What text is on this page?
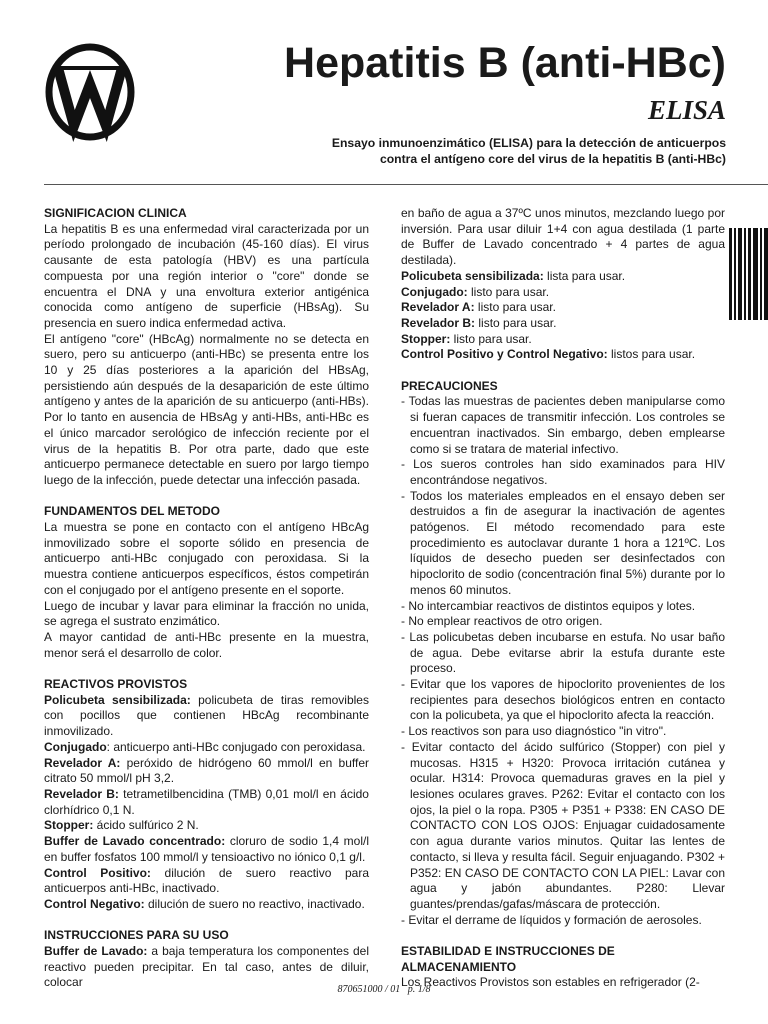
Hepatitis B (anti-HBc)
ELISA
Ensayo inmunoenzimático (ELISA) para la detección de anticuerpos
contra el antígeno core del virus de la hepatitis B (anti-HBc)

SIGNIFICACION CLINICA

La hepatitis B es una enfermedad viral caracterizada por un período prolongado de incubación (45-160 días). El virus causante de esta patología (HBV) es una partícula compuesta por una región interior o "core" donde se encuentra el DNA y una envoltura exterior antigénica conocida como antígeno de superficie (HBsAg). Su presencia en suero indica enfermedad activa.

El antígeno "core" (HBcAg) normalmente no se detecta en suero, pero su anticuerpo (anti-HBc) se presenta entre los 10 y 25 días posteriores a la aparición del HBsAg, persistiendo aún después de la desaparición de este último antígeno y antes de la aparición de su anticuerpo (anti-HBs). Por lo tanto en ausencia de HBsAg y anti-HBs, anti-HBc es el único marcador serológico de infección reciente por el virus de la hepatitis B. Por otra parte, dado que este anticuerpo permanece detectable en suero por largo tiempo luego de la infección, puede detectar una infección pasada.

FUNDAMENTOS DEL METODO

La muestra se pone en contacto con el antígeno HBcAg inmovilizado sobre el soporte sólido en presencia de anticuerpo anti-HBc conjugado con peroxidasa. Si la muestra contiene anticuerpos específicos, éstos competirán con el conjugado por el antígeno presente en el soporte.

Luego de incubar y lavar para eliminar la fracción no unida, se agrega el sustrato enzimático.

A mayor cantidad de anti-HBc presente en la muestra, menor será el desarrollo de color.

REACTIVOS PROVISTOS

Policubeta sensibilizada: policubeta de tiras removibles con pocillos que contienen HBcAg recombinante inmovilizado.

Conjugado: anticuerpo anti-HBc conjugado con peroxidasa.

Revelador A: peróxido de hidrógeno 60 mmol/l en buffer citrato 50 mmol/l pH 3,2.

Revelador B: tetrametilbencidina (TMB) 0,01 mol/l en ácido clorhídrico 0,1 N.

Stopper: ácido sulfúrico 2 N.

Buffer de Lavado concentrado: cloruro de sodio 1,4 mol/l en buffer fosfatos 100 mmol/l y tensioactivo no iónico 0,1 g/l.

Control Positivo: dilución de suero reactivo para anticuerpos anti-HBc, inactivado.

Control Negativo: dilución de suero no reactivo, inactivado.

INSTRUCCIONES PARA SU USO

Buffer de Lavado: a baja temperatura los componentes del reactivo pueden precipitar. En tal caso, antes de diluir, colocar

en baño de agua a 37ºC unos minutos, mezclando luego por inversión. Para usar diluir 1+4 con agua destilada (1 parte de Buffer de Lavado concentrado + 4 partes de agua destilada).

Policubeta sensibilizada: lista para usar.

Conjugado: listo para usar.

Revelador A: listo para usar.

Revelador B: listo para usar.

Stopper: listo para usar.

Control Positivo y Control Negativo: listos para usar.

PRECAUCIONES

- Todas las muestras de pacientes deben manipularse como si fueran capaces de transmitir infección. Los controles se encuentran inactivados. Sin embargo, deben emplearse como si se tratara de material infectivo.

- Los sueros controles han sido examinados para HIV encontrándose negativos.

- Todos los materiales empleados en el ensayo deben ser destruidos a fin de asegurar la inactivación de agentes patógenos. El método recomendado para este procedimiento es autoclavar durante 1 hora a 121ºC. Los líquidos de desecho pueden ser desinfectados con hipoclorito de sodio (concentración final 5%) durante por lo menos 60 minutos.

- No intercambiar reactivos de distintos equipos y lotes.

- No emplear reactivos de otro origen.

- Las policubetas deben incubarse en estufa. No usar baño de agua. Debe evitarse abrir la estufa durante este proceso.

- Evitar que los vapores de hipoclorito provenientes de los recipientes para desechos biológicos entren en contacto con la policubeta, ya que el hipoclorito afecta la reacción.

- Los reactivos son para uso diagnóstico "in vitro".

- Evitar contacto del ácido sulfúrico (Stopper) con piel y mucosas. H315 + H320: Provoca irritación cutánea y ocular. H314: Provoca quemaduras graves en la piel y lesiones oculares graves. P262: Evitar el contacto con los ojos, la piel o la ropa. P305 + P351 + P338: EN CASO DE CONTACTO CON LOS OJOS: Enjuagar cuidadosamente con agua durante varios minutos. Quitar las lentes de contacto, si lleva y resulta fácil. Seguir enjuagando. P302 + P352: EN CASO DE CONTACTO CON LA PIEL: Lavar con agua y jabón abundantes. P280: Llevar guantes/prendas/gafas/máscara de protección.

- Evitar el derrame de líquidos y formación de aerosoles.

ESTABILIDAD E INSTRUCCIONES DE

ALMACENAMIENTO

Los Reactivos Provistos son estables en refrigerador (2-

870651000 / 01   p. 1/8
